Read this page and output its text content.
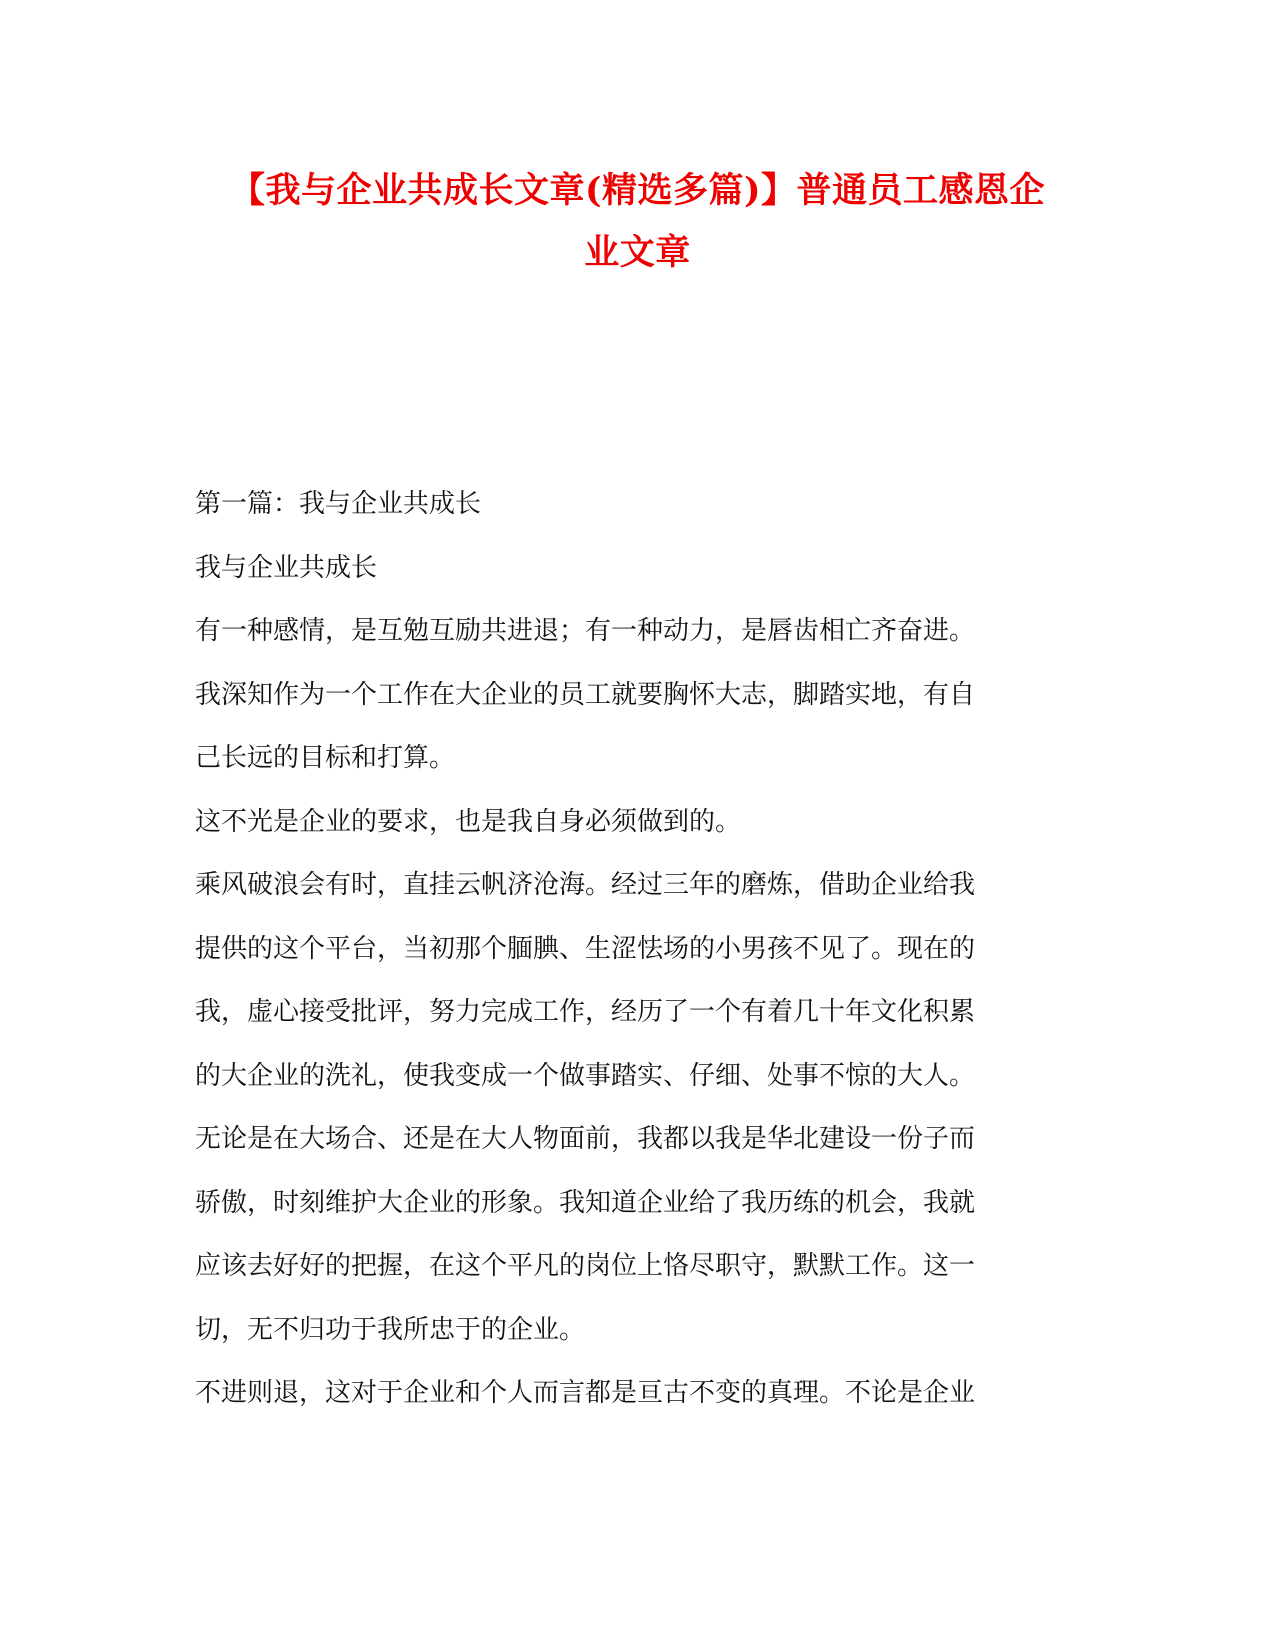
【我与企业共成长文章(精选多篇)】普通员工感恩企
业文章

第一篇：我与企业共成长

我与企业共成长

有一种感情，是互勉互励共进退；有一种动力，是唇齿相亡齐奋进。

我深知作为一个工作在大企业的员工就要胸怀大志，脚踏实地，有自

己长远的目标和打算。

这不光是企业的要求，也是我自身必须做到的。

乘风破浪会有时，直挂云帆济沧海。经过三年的磨炼，借助企业给我

提供的这个平台，当初那个腼腆、生涩怯场的小男孩不见了。现在的

我，虚心接受批评，努力完成工作，经历了一个有着几十年文化积累

的大企业的洗礼，使我变成一个做事踏实、仔细、处事不惊的大人。

无论是在大场合、还是在大人物面前，我都以我是华北建设一份子而

骄傲，时刻维护大企业的形象。我知道企业给了我历练的机会，我就

应该去好好的把握，在这个平凡的岗位上恪尽职守，默默工作。这一

切，无不归功于我所忠于的企业。

不进则退，这对于企业和个人而言都是亘古不变的真理。不论是企业
